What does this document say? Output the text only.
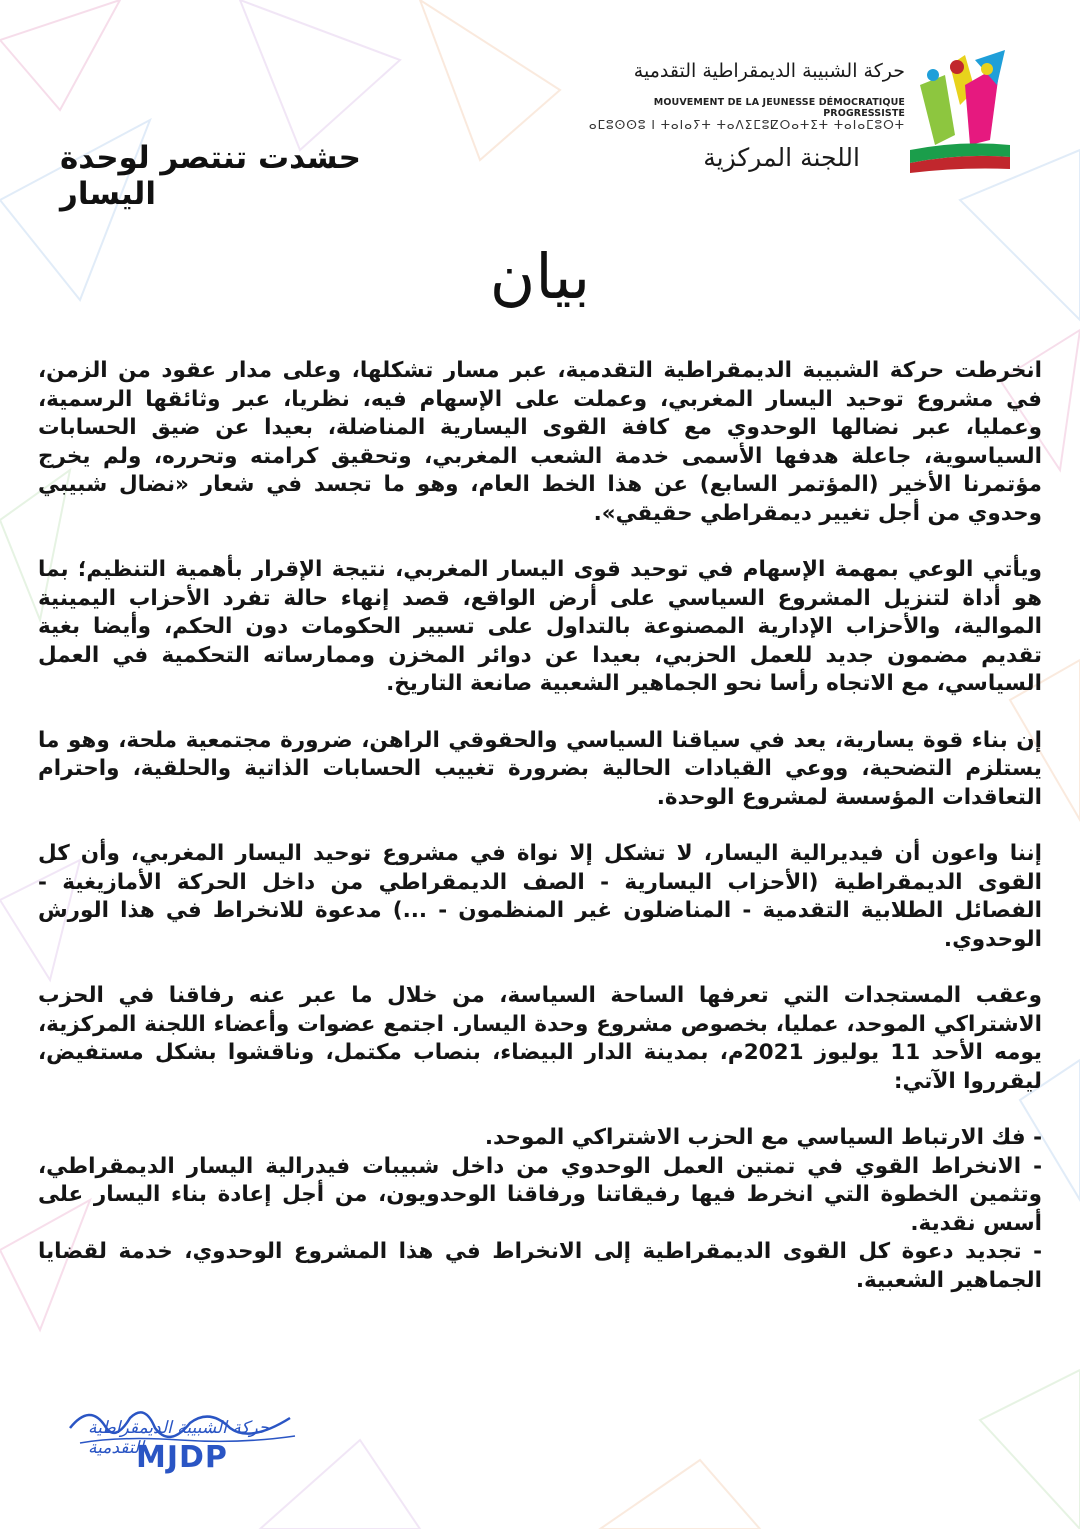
حركة الشبيبة الديمقراطية التقدمية
MOUVEMENT DE LA JEUNESSE DÉMOCRATIQUE PROGRESSISTE
ⴰⵎⵓⵙⵙⵓ ⵏ ⵜⴰⵏⴰⵢⵜ ⵜⴰⴷⵉⵎⵓⵇⵔⴰⵜⵉⵜ ⵜⴰⵏⴰⵎⵓⵔⵜ
اللجنة المركزية
حشدت تنتصر لوحدة اليسار
بيان

انخرطت حركة الشبيبة الديمقراطية التقدمية، عبر مسار تشكلها، وعلى مدار عقود من الزمن، في مشروع توحيد اليسار المغربي، وعملت على الإسهام فيه، نظريا، عبر وثائقها الرسمية، وعمليا، عبر نضالها الوحدوي مع كافة القوى اليسارية المناضلة، بعيدا عن ضيق الحسابات السياسوية، جاعلة هدفها الأسمى خدمة الشعب المغربي، وتحقيق كرامته وتحرره، ولم يخرج مؤتمرنا الأخير (المؤتمر السابع) عن هذا الخط العام، وهو ما تجسد في شعار «نضال شبيبي وحدوي من أجل تغيير ديمقراطي حقيقي».

ويأتي الوعي بمهمة الإسهام في توحيد قوى اليسار المغربي، نتيجة الإقرار بأهمية التنظيم؛ بما هو أداة لتنزيل المشروع السياسي على أرض الواقع، قصد إنهاء حالة تفرد الأحزاب اليمينية الموالية، والأحزاب الإدارية المصنوعة بالتداول على تسيير الحكومات دون الحكم، وأيضا بغية تقديم مضمون جديد للعمل الحزبي، بعيدا عن دوائر المخزن وممارساته التحكمية في العمل السياسي، مع الاتجاه رأسا نحو الجماهير الشعبية صانعة التاريخ.

إن بناء قوة يسارية، يعد في سياقنا السياسي والحقوقي الراهن، ضرورة مجتمعية ملحة، وهو ما يستلزم التضحية، ووعي القيادات الحالية بضرورة تغييب الحسابات الذاتية والحلقية، واحترام التعاقدات المؤسسة لمشروع الوحدة.

إننا واعون أن فيديرالية اليسار، لا تشكل إلا نواة في مشروع توحيد اليسار المغربي، وأن كل القوى الديمقراطية (الأحزاب اليسارية - الصف الديمقراطي من داخل الحركة الأمازيغية - الفصائل الطلابية التقدمية - المناضلون غير المنظمون - ...) مدعوة للانخراط في هذا الورش الوحدوي.

وعقب المستجدات التي تعرفها الساحة السياسة، من خلال ما عبر عنه رفاقنا في الحزب الاشتراكي الموحد، عمليا، بخصوص مشروع وحدة اليسار. اجتمع عضوات وأعضاء اللجنة المركزية، يومه الأحد 11 يوليوز 2021م، بمدينة الدار البيضاء، بنصاب مكتمل، وناقشوا بشكل مستفيض، ليقرروا الآتي:

- فك الارتباط السياسي مع الحزب الاشتراكي الموحد.

- الانخراط القوي في تمتين العمل الوحدوي من داخل شبيبات فيدرالية اليسار الديمقراطي، وتثمين الخطوة التي انخرط فيها رفيقاتنا ورفاقنا الوحدويون، من أجل إعادة بناء اليسار على أسس نقدية.

- تجديد دعوة كل القوى الديمقراطية إلى الانخراط في هذا المشروع الوحدوي، خدمة لقضايا الجماهير الشعبية.

حركة الشبيبة الديمقراطية التقدمية
MJDP
